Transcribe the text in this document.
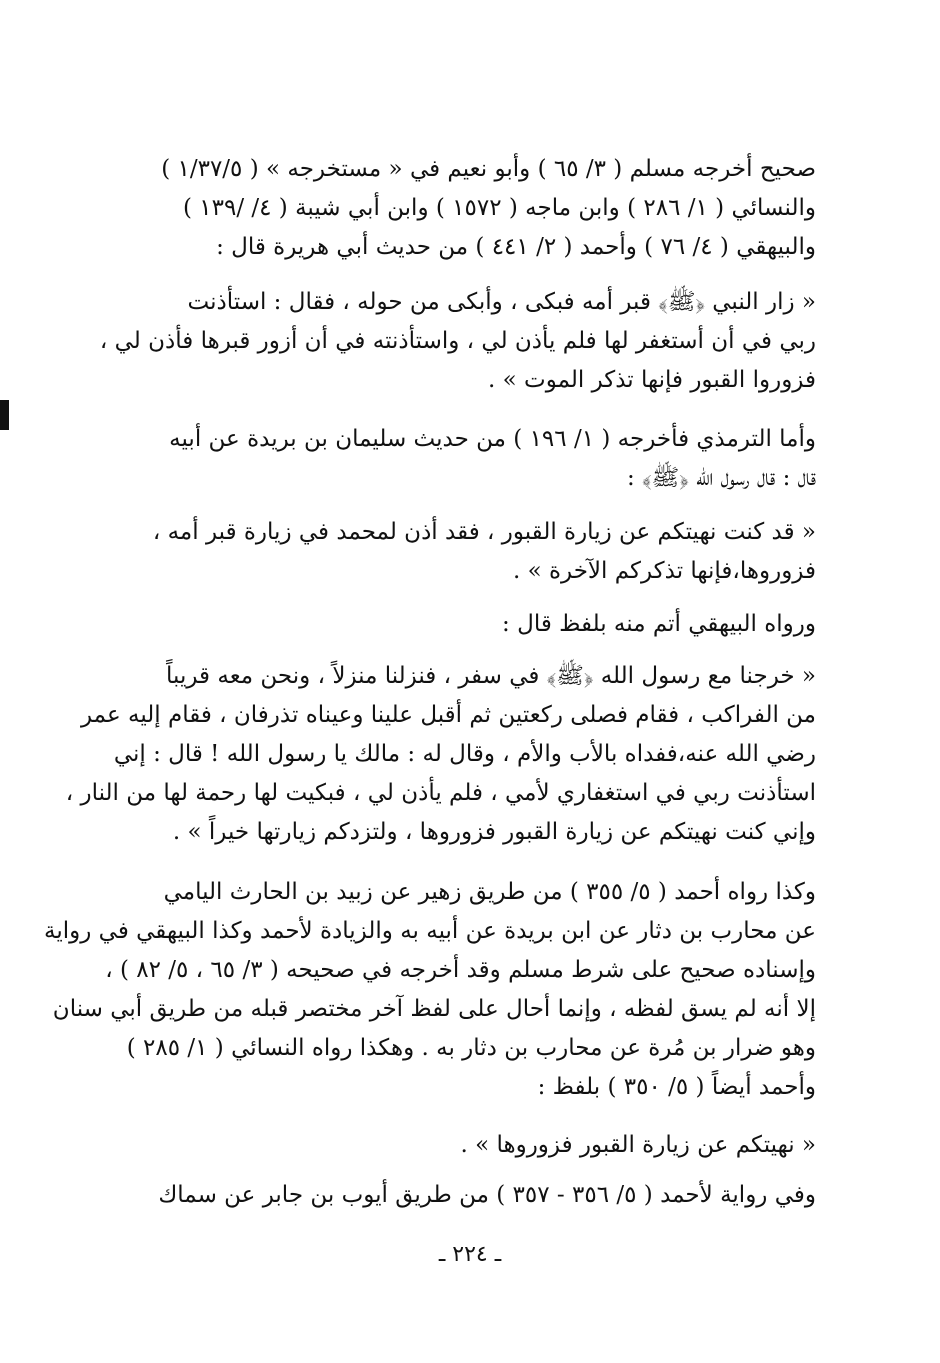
صحيح أخرجه مسلم ( ٣/ ٦٥ ) وأبو نعيم في « مستخرجه » ( ١/٣٧/٥ )
والنسائي ( ١/ ٢٨٦ ) وابن ماجه ( ١٥٧٢ ) وابن أبي شيبة ( ٤/ /١٣٩ )
والبيهقي ( ٤/ ٧٦ ) وأحمد ( ٢/ ٤٤١ ) من حديث أبي هريرة قال :
« زار النبي ﴿ﷺ﴾ قبر أمه فبكى ، وأبكى من حوله ، فقال : استأذنت
ربي في أن أستغفر لها فلم يأذن لي ، واستأذنته في أن أزور قبرها فأذن لي ،
فزوروا القبور فإنها تذكر الموت » .
وأما الترمذي فأخرجه ( ١/ ١٩٦ ) من حديث سليمان بن بريدة عن أبيه
قال : قال رسول الله ﴿ﷺ﴾ :
« قد كنت نهيتكم عن زيارة القبور ، فقد أذن لمحمد في زيارة قبر أمه ،
فزوروها،فإنها تذكركم الآخرة » .
ورواه البيهقي أتم منه بلفظ قال :
« خرجنا مع رسول الله ﴿ﷺ﴾ في سفر ، فنزلنا منزلاً ، ونحن معه قريباً
من الفراكب ، فقام فصلى ركعتين ثم أقبل علينا وعيناه تذرفان ، فقام إليه عمر
رضي الله عنه،ففداه بالأب والأم ، وقال له : مالك يا رسول الله ! قال : إني
استأذنت ربي في استغفاري لأمي ، فلم يأذن لي ، فبكيت لها رحمة لها من النار ،
وإني كنت نهيتكم عن زيارة القبور فزوروها ، ولتزدكم زيارتها خيراً » .
وكذا رواه أحمد ( ٥/ ٣٥٥ ) من طريق زهير عن زبيد بن الحارث اليامي
عن محارب بن دثار عن ابن بريدة عن أبيه به والزيادة لأحمد وكذا البيهقي في رواية
وإسناده صحيح على شرط مسلم وقد أخرجه في صحيحه ( ٣/ ٦٥ ، ٥/ ٨٢ ) ،
إلا أنه لم يسق لفظه ، وإنما أحال على لفظ آخر مختصر قبله من طريق أبي سنان
وهو ضرار بن مُرة عن محارب بن دثار به . وهكذا رواه النسائي ( ١/ ٢٨٥ )
وأحمد أيضاً ( ٥/ ٣٥٠ ) بلفظ :
« نهيتكم عن زيارة القبور فزوروها » .
وفي رواية لأحمد ( ٥/ ٣٥٦ - ٣٥٧ ) من طريق أيوب بن جابر عن سماك
ـ ٢٢٤ ـ
